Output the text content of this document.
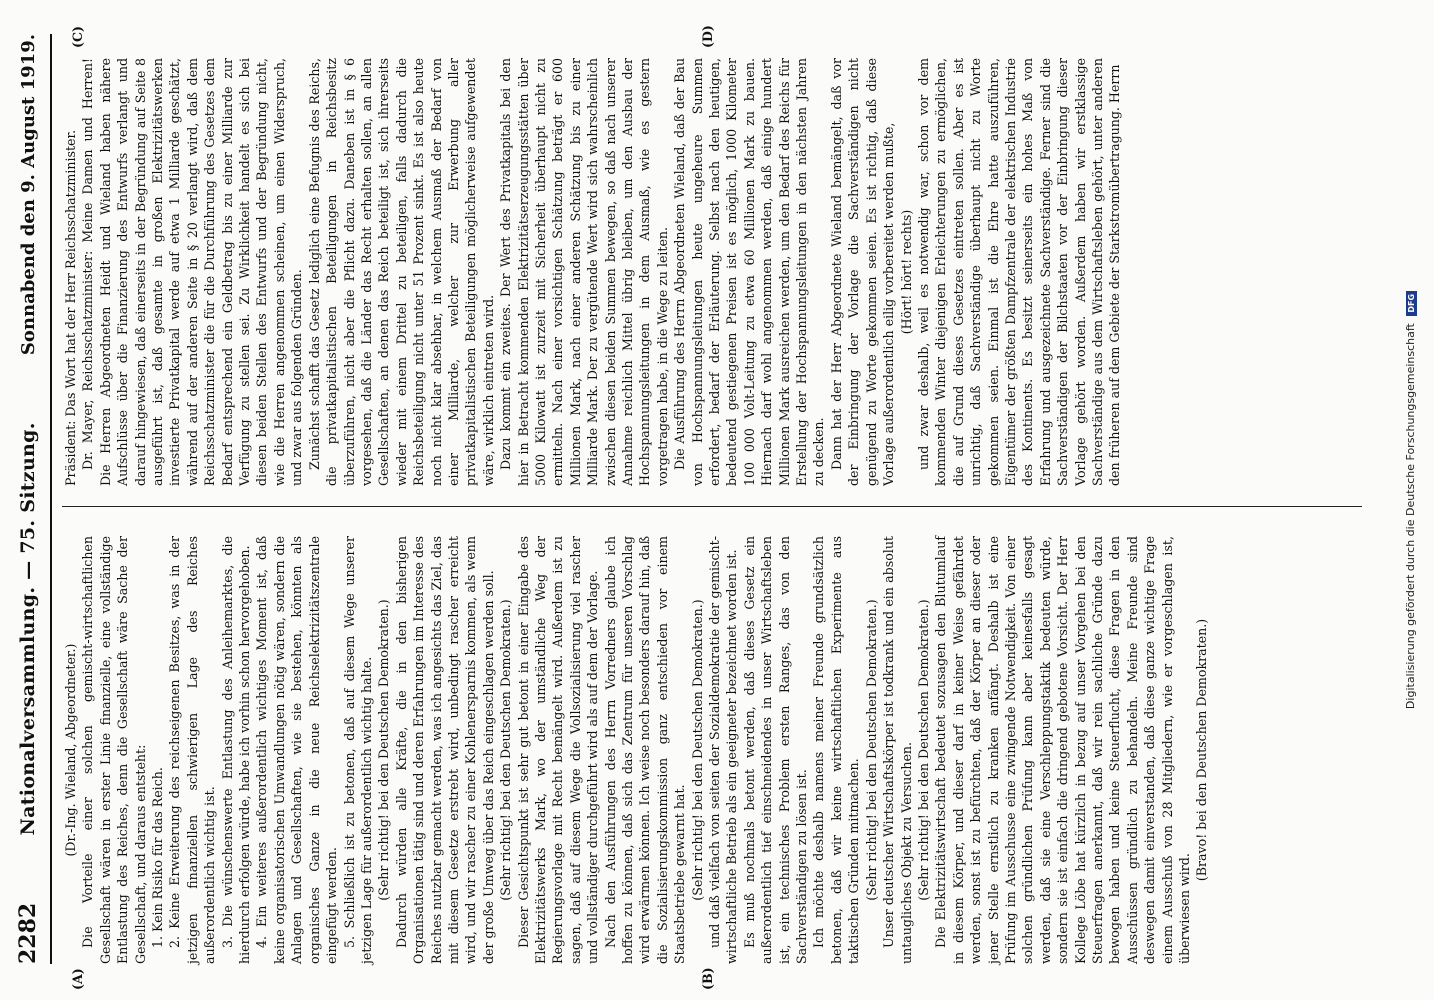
2282
Nationalversammlung. — 75. Sitzung.
Sonnabend den 9. August 1919.

(Dr.-Ing. Wieland, Abgeordneter.) Die Vorteile einer solchen gemischt-wirtschaftlichen Gesellschaft wären in erster Linie finanzielle, eine vollständige Entlastung des Reiches, denn die Gesellschaft wäre Sache der Gesellschaft, und daraus entsteht: 1. Kein Risiko für das Reich. 2. Keine Erweiterung des reichseigenen Besitzes, was in der jetzigen finanziellen schwierigen Lage des Reiches außerordentlich wichtig ist. 3. Die wünschenswerte Entlastung des Anleihemarktes, die hierdurch erfolgen würde, habe ich vorhin schon hervorgehoben. 4. Ein weiteres außerordentlich wichtiges Moment ist, daß keine organisatorischen Umwandlungen nötig wären, sondern die Anlagen und Gesellschaften, wie sie bestehen, könnten als organisches Ganze in die neue Reichselektrizitätszentrale eingefügt werden. 5. Schließlich ist zu betonen, daß auf diesem Wege unserer jetzigen Lage für außerordentlich wichtig halte. (Sehr richtig! bei den Deutschen Demokraten.) Dadurch würden alle Kräfte, die in den bisherigen Organisationen tätig sind und deren Erfahrungen im Interesse des Reiches nutzbar gemacht werden, was ich angesichts das Ziel, das mit diesem Gesetze erstrebt wird, unbedingt rascher erreicht wird, und wir rascher zu einer Kohlenersparnis kommen, als wenn der große Umweg über das Reich eingeschlagen werden soll. (Sehr richtig! bei den Deutschen Demokraten.) Dieser Gesichtspunkt ist sehr gut betont in einer Eingabe des Elektrizitätswerks Mark, wo der umständliche Weg der Regierungsvorlage mit Recht bemängelt wird. Außerdem ist zu sagen, daß auf diesem Wege die Vollsozialisierung viel rascher und vollständiger durchgeführt wird als auf dem der Vorlage. Nach den Ausführungen des Herrn Vorredners glaube ich hoffen zu können, daß sich das Zentrum für unseren Vorschlag wird erwärmen können. Ich weise noch besonders darauf hin, daß die Sozialisierungskommission ganz entschieden vor einem Staatsbetriebe gewarnt hat. (Sehr richtig! bei den Deutschen Demokraten.) und daß vielfach von seiten der Sozialdemokratie der gemischt-wirtschaftliche Betrieb als ein geeigneter bezeichnet worden ist. Es muß nochmals betont werden, daß dieses Gesetz ein außerordentlich tief einschneidendes in unser Wirtschaftsleben ist, ein technisches Problem ersten Ranges, das von den Sachverständigen zu lösen ist. Ich möchte deshalb namens meiner Freunde grundsätzlich betonen, daß wir keine wirtschaftlichen Experimente aus taktischen Gründen mitmachen. (Sehr richtig! bei den Deutschen Demokraten.) Unser deutscher Wirtschaftskörper ist todkrank und ein absolut untaugliches Objekt zu Versuchen. (Sehr richtig! bei den Deutschen Demokraten.) Die Elektrizitätswirtschaft bedeutet sozusagen den Blutumlauf in diesem Körper, und dieser darf in keiner Weise gefährdet werden, sonst ist zu befürchten, daß der Körper an dieser oder jener Stelle ernstlich zu kranken anfängt. Deshalb ist eine Prüfung im Ausschusse eine zwingende Notwendigkeit. Von einer solchen gründlichen Prüfung kann aber keinesfalls gesagt werden, daß sie eine Verschleppungstaktik bedeuten würde, sondern sie ist einfach die dringend gebotene Vorsicht. Der Herr Kollege Löbe hat kürzlich in bezug auf unser Vorgehen bei den Steuerfragen anerkannt, daß wir rein sachliche Gründe dazu bewogen haben und keine Steuerflucht, diese Fragen in den Ausschüssen gründlich zu behandeln. Meine Freunde sind deswegen damit einverstanden, daß diese ganze wichtige Frage einem Ausschuß von 28 Mitgliedern, wie er vorgeschlagen ist, überwiesen wird.

(Bravo! bei den Deutschen Demokraten.)

Präsident: Das Wort hat der Herr Reichsschatzminister. Dr. Mayer, Reichsschatzminister: Meine Damen und Herren! Die Herren Abgeordneten Heidt und Wieland haben nähere Aufschlüsse über die Finanzierung des Entwurfs verlangt und darauf hingewiesen, daß einerseits in der Begründung auf Seite 8 ausgeführt ist, daß gesamte in großen Elektrizitätswerken investierte Privatkapital werde auf etwa 1 Milliarde geschätzt, während auf der anderen Seite in § 20 verlangt wird, daß dem Reichsschatzminister die für die Durchführung des Gesetzes dem Bedarf entsprechend ein Geldbetrag bis zu einer Milliarde zur Verfügung zu stellen sei. Zu Wirklichkeit handelt es sich bei diesen beiden Stellen des Entwurfs und der Begründung nicht, wie die Herren angenommen scheinen, um einen Widerspruch, und zwar aus folgenden Gründen. Zunächst schafft das Gesetz lediglich eine Befugnis des Reichs, die privatkapitalistischen Beteiligungen in Reichsbesitz überzuführen, nicht aber die Pflicht dazu. Daneben ist in § 6 vorgesehen, daß die Länder das Recht erhalten sollen, an allen Gesellschaften, an denen das Reich beteiligt ist, sich ihrerseits wieder mit einem Drittel zu beteiligen, falls dadurch die Reichsbeteiligung nicht unter 51 Prozent sinkt. Es ist also heute noch nicht klar absehbar, in welchem Ausmaß der Bedarf von einer Milliarde, welcher zur Erwerbung aller privatkapitalistischen Beteiligungen möglicherweise aufgewendet wäre, wirklich eintreten wird. Dazu kommt ein zweites. Der Wert des Privatkapitals bei den hier in Betracht kommenden Elektrizitätserzeugungsstätten über 5000 Kilowatt ist zurzeit mit Sicherheit überhaupt nicht zu ermitteln. Nach einer vorsichtigen Schätzung beträgt er 600 Millionen Mark, nach einer anderen Schätzung bis zu einer Milliarde Mark. Der zu vergütende Wert wird sich wahrscheinlich zwischen diesen beiden Summen bewegen, so daß nach unserer Annahme reichlich Mittel übrig bleiben, um den Ausbau der Hochspannungsleitungen in dem Ausmaß, wie es gestern vorgetragen habe, in die Wege zu leiten. Die Ausführung des Herrn Abgeordneten Wieland, daß der Bau von Hochspannungsleitungen heute ungeheure Summen erfordert, bedarf der Erläuterung. Selbst nach den heutigen, bedeutend gestiegenen Preisen ist es möglich, 1000 Kilometer 100 000 Volt-Leitung zu etwa 60 Millionen Mark zu bauen. Hiernach darf wohl angenommen werden, daß einige hundert Millionen Mark ausreichen werden, um den Bedarf des Reichs für Erstellung der Hochspannungsleitungen in den nächsten Jahren zu decken. Dann hat der Herr Abgeordnete Wieland bemängelt, daß vor der Einbringung der Vorlage die Sachverständigen nicht genügend zu Worte gekommen seien. Es ist richtig, daß diese Vorlage außerordentlich eilig vorbereitet werden mußte, (Hört! hört! rechts) und zwar deshalb, weil es notwendig war, schon vor dem kommenden Winter diejenigen Erleichterungen zu ermöglichen, die auf Grund dieses Gesetzes eintreten sollen. Aber es ist unrichtig, daß Sachverständige überhaupt nicht zu Worte gekommen seien. Einmal ist die Ehre hatte auszuführen, Eigentümer der größten Dampfzentrale der elektrischen Industrie des Kontinents. Es besitzt seinerseits ein hohes Maß von Erfahrung und ausgezeichnete Sachverständige. Ferner sind die Sachverständigen der Bilchstaaten vor der Einbringung dieser Vorlage gehört worden. Außerdem haben wir erstklassige Sachverständige aus dem Wirtschaftsleben gehört, unter anderen den früheren auf dem Gebiete der Starkstromübertragung. Herrn

(A)	(B)
(C)	(D)
Digitalisierung gefördert durch die Deutsche Forschungsgemeinschaft DFG
